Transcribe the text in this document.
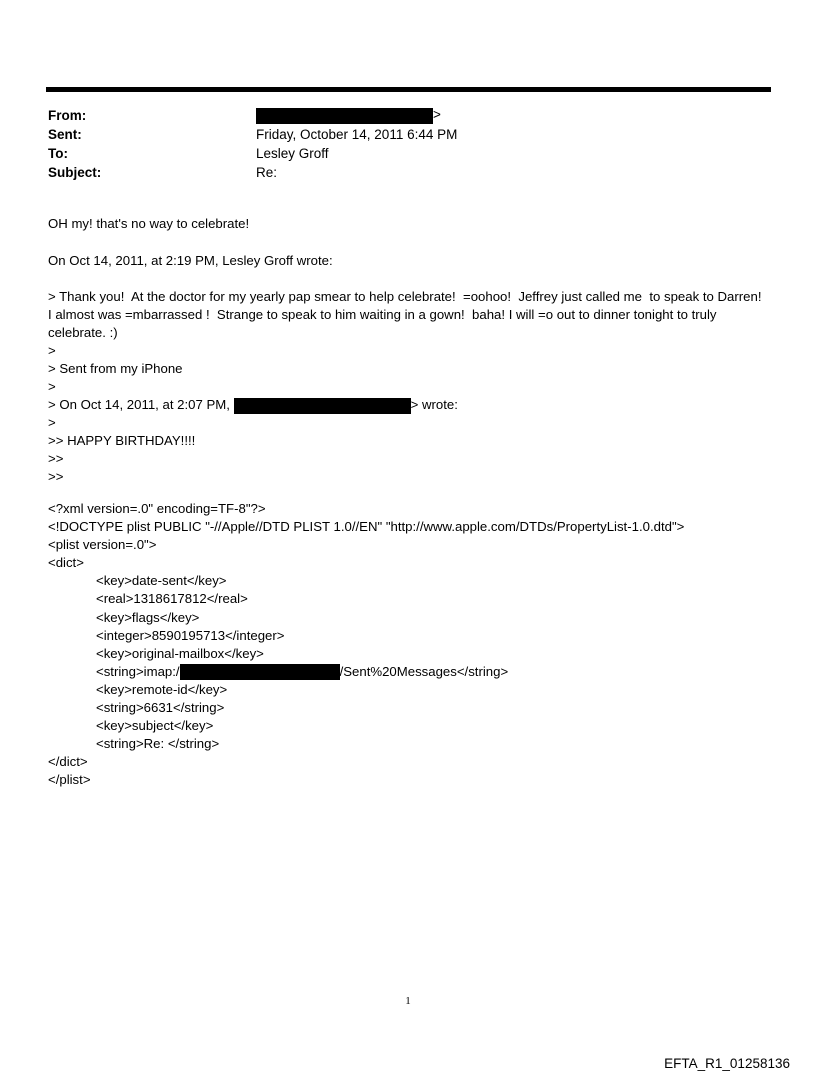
From:	>
Sent:	Friday, October 14, 2011 6:44 PM
To:	Lesley Groff
Subject:	Re:
OH my! that's no way to celebrate!
On Oct 14, 2011, at 2:19 PM, Lesley Groff wrote:
> Thank you!  At the doctor for my yearly pap smear to help celebrate!  =oohoo!  Jeffrey just called me  to speak to Darren!  I almost was =mbarrassed !  Strange to speak to him waiting in a gown!  baha! I will =o out to dinner tonight to truly celebrate. :)
>
> Sent from my iPhone
>
> On Oct 14, 2011, at 2:07 PM,	> wrote:
>
>> HAPPY BIRTHDAY!!!!
>>
>>
<?xml version=.0" encoding=TF-8"?>
<!DOCTYPE plist PUBLIC "-//Apple//DTD PLIST 1.0//EN" "http://www.apple.com/DTDs/PropertyList-1.0.dtd">
<plist version=.0">
<dict>
<key>date-sent</key>
<real>1318617812</real>
<key>flags</key>
<integer>8590195713</integer>
<key>original-mailbox</key>
<string>imap:/	/Sent%20Messages</string>
<key>remote-id</key>
<string>6631</string>
<key>subject</key>
<string>Re: </string>
</dict>
</plist>
1
EFTA_R1_01258136
